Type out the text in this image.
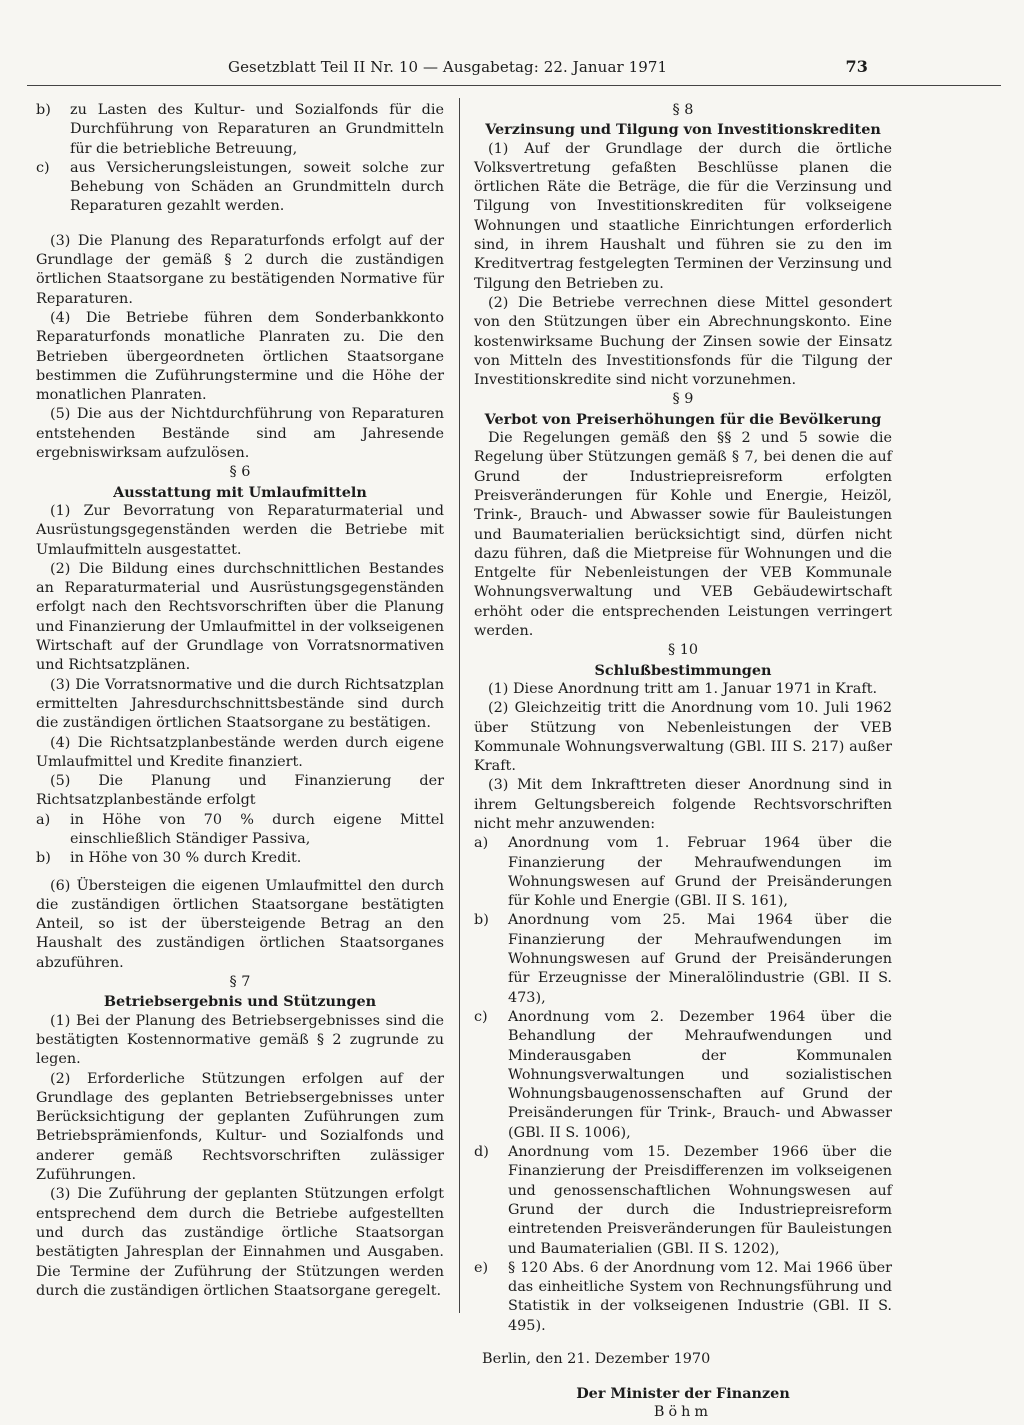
Gesetzblatt Teil II Nr. 10 — Ausgabetag: 22. Januar 1971	73

b) zu Lasten des Kultur- und Sozialfonds für die Durchführung von Reparaturen an Grundmitteln für die betriebliche Betreuung,

c) aus Versicherungsleistungen, soweit solche zur Behebung von Schäden an Grundmitteln durch Reparaturen gezahlt werden.

(3) Die Planung des Reparaturfonds erfolgt auf der Grundlage der gemäß § 2 durch die zuständigen örtlichen Staatsorgane zu bestätigenden Normative für Reparaturen.

(4) Die Betriebe führen dem Sonderbankkonto Reparaturfonds monatliche Planraten zu. Die den Betrieben übergeordneten örtlichen Staatsorgane bestimmen die Zuführungstermine und die Höhe der monatlichen Planraten.

(5) Die aus der Nichtdurchführung von Reparaturen entstehenden Bestände sind am Jahresende ergebniswirksam aufzulösen.

§ 6

Ausstattung mit Umlaufmitteln

(1) Zur Bevorratung von Reparaturmaterial und Ausrüstungsgegenständen werden die Betriebe mit Umlaufmitteln ausgestattet.

(2) Die Bildung eines durchschnittlichen Bestandes an Reparaturmaterial und Ausrüstungsgegenständen erfolgt nach den Rechtsvorschriften über die Planung und Finanzierung der Umlaufmittel in der volkseigenen Wirtschaft auf der Grundlage von Vorratsnormativen und Richtsatzplänen.

(3) Die Vorratsnormative und die durch Richtsatzplan ermittelten Jahresdurchschnittsbestände sind durch die zuständigen örtlichen Staatsorgane zu bestätigen.

(4) Die Richtsatzplanbestände werden durch eigene Umlaufmittel und Kredite finanziert.

(5) Die Planung und Finanzierung der Richtsatzplanbestände erfolgt

a) in Höhe von 70 % durch eigene Mittel einschließlich Ständiger Passiva,

b) in Höhe von 30 % durch Kredit.

(6) Übersteigen die eigenen Umlaufmittel den durch die zuständigen örtlichen Staatsorgane bestätigten Anteil, so ist der übersteigende Betrag an den Haushalt des zuständigen örtlichen Staatsorganes abzuführen.

§ 7

Betriebsergebnis und Stützungen

(1) Bei der Planung des Betriebsergebnisses sind die bestätigten Kostennormative gemäß § 2 zugrunde zu legen.

(2) Erforderliche Stützungen erfolgen auf der Grundlage des geplanten Betriebsergebnisses unter Berücksichtigung der geplanten Zuführungen zum Betriebsprämienfonds, Kultur- und Sozialfonds und anderer gemäß Rechtsvorschriften zulässiger Zuführungen.

(3) Die Zuführung der geplanten Stützungen erfolgt entsprechend dem durch die Betriebe aufgestellten und durch das zuständige örtliche Staatsorgan bestätigten Jahresplan der Einnahmen und Ausgaben. Die Termine der Zuführung der Stützungen werden durch die zuständigen örtlichen Staatsorgane geregelt.

§ 8

Verzinsung und Tilgung von Investitionskrediten

(1) Auf der Grundlage der durch die örtliche Volksvertretung gefaßten Beschlüsse planen die örtlichen Räte die Beträge, die für die Verzinsung und Tilgung von Investitionskrediten für volkseigene Wohnungen und staatliche Einrichtungen erforderlich sind, in ihrem Haushalt und führen sie zu den im Kreditvertrag festgelegten Terminen der Verzinsung und Tilgung den Betrieben zu.

(2) Die Betriebe verrechnen diese Mittel gesondert von den Stützungen über ein Abrechnungskonto. Eine kostenwirksame Buchung der Zinsen sowie der Einsatz von Mitteln des Investitionsfonds für die Tilgung der Investitionskredite sind nicht vorzunehmen.

§ 9

Verbot von Preiserhöhungen für die Bevölkerung

Die Regelungen gemäß den §§ 2 und 5 sowie die Regelung über Stützungen gemäß § 7, bei denen die auf Grund der Industriepreisreform erfolgten Preisveränderungen für Kohle und Energie, Heizöl, Trink-, Brauch- und Abwasser sowie für Bauleistungen und Baumaterialien berücksichtigt sind, dürfen nicht dazu führen, daß die Mietpreise für Wohnungen und die Entgelte für Nebenleistungen der VEB Kommunale Wohnungsverwaltung und VEB Gebäudewirtschaft erhöht oder die entsprechenden Leistungen verringert werden.

§ 10

Schlußbestimmungen

(1) Diese Anordnung tritt am 1. Januar 1971 in Kraft.

(2) Gleichzeitig tritt die Anordnung vom 10. Juli 1962 über Stützung von Nebenleistungen der VEB Kommunale Wohnungsverwaltung (GBl. III S. 217) außer Kraft.

(3) Mit dem Inkrafttreten dieser Anordnung sind in ihrem Geltungsbereich folgende Rechtsvorschriften nicht mehr anzuwenden:

a) Anordnung vom 1. Februar 1964 über die Finanzierung der Mehraufwendungen im Wohnungswesen auf Grund der Preisänderungen für Kohle und Energie (GBl. II S. 161),

b) Anordnung vom 25. Mai 1964 über die Finanzierung der Mehraufwendungen im Wohnungswesen auf Grund der Preisänderungen für Erzeugnisse der Mineralölindustrie (GBl. II S. 473),

c) Anordnung vom 2. Dezember 1964 über die Behandlung der Mehraufwendungen und Minderausgaben der Kommunalen Wohnungsverwaltungen und sozialistischen Wohnungsbaugenossenschaften auf Grund der Preisänderungen für Trink-, Brauch- und Abwasser (GBl. II S. 1006),

d) Anordnung vom 15. Dezember 1966 über die Finanzierung der Preisdifferenzen im volkseigenen und genossenschaftlichen Wohnungswesen auf Grund der durch die Industriepreisreform eintretenden Preisveränderungen für Bauleistungen und Baumaterialien (GBl. II S. 1202),

e) § 120 Abs. 6 der Anordnung vom 12. Mai 1966 über das einheitliche System von Rechnungsführung und Statistik in der volkseigenen Industrie (GBl. II S. 495).

Berlin, den 21. Dezember 1970

Der Minister der Finanzen

Böhm
